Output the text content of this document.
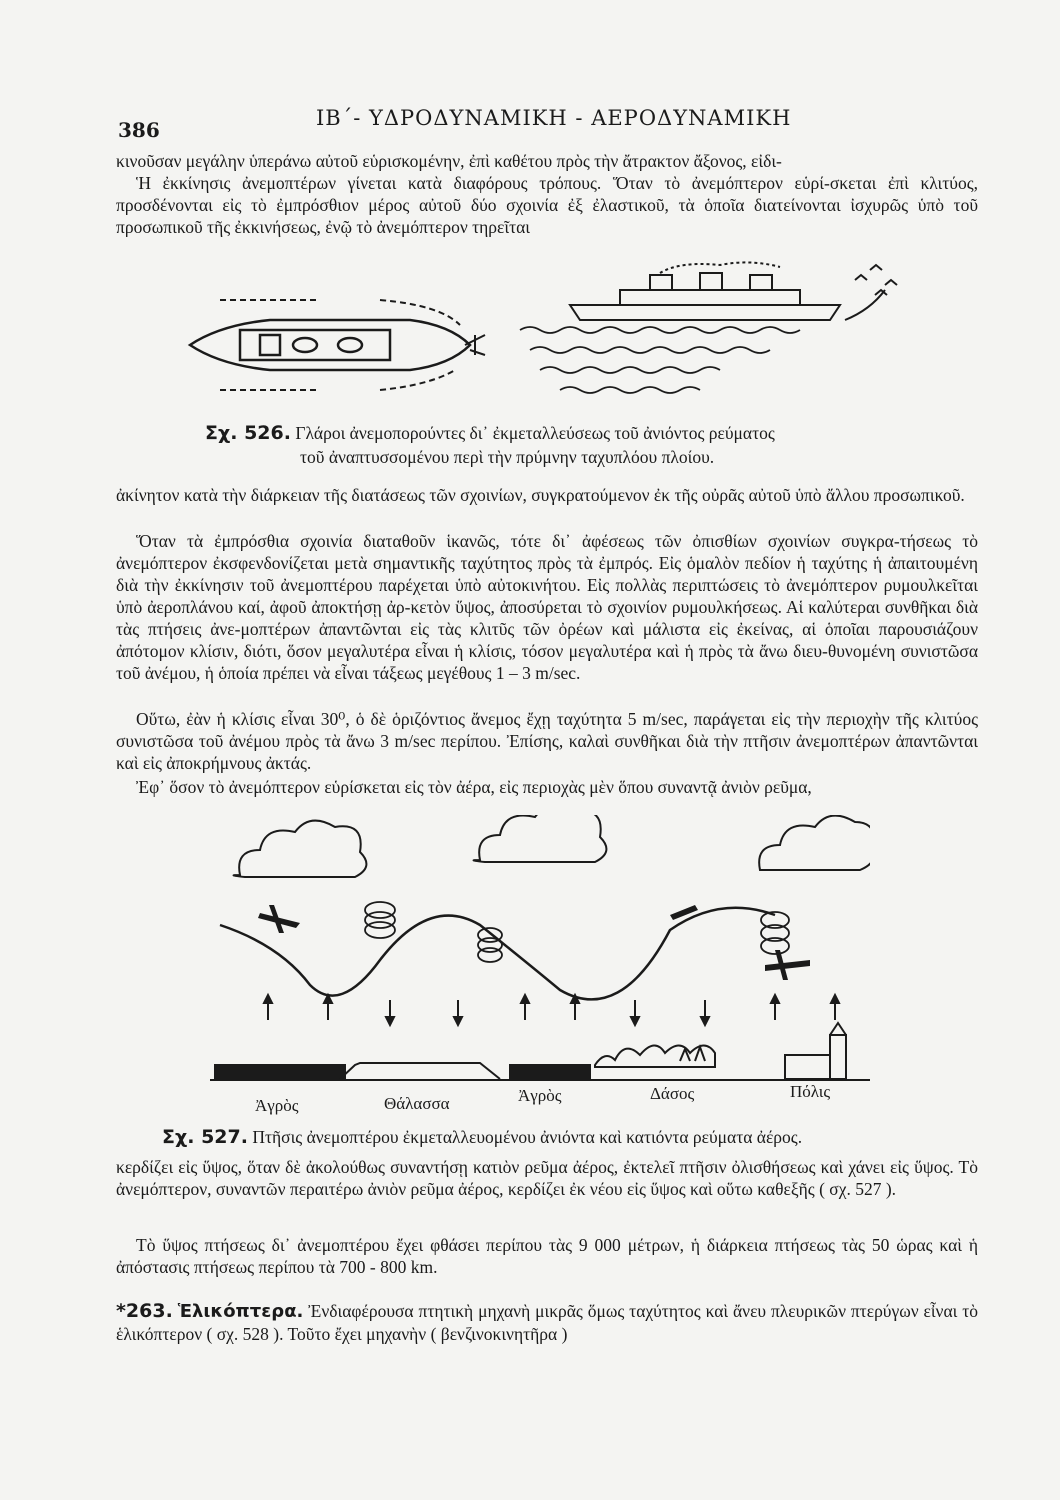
386	ΙΒ΄- ΥΔΡΟΔΥΝΑΜΙΚΗ - ΑΕΡΟΔΥΝΑΜΙΚΗ

κινοῦσαν μεγάλην ὑπεράνω αὐτοῦ εὑρισκομένην, ἐπὶ καθέτου πρὸς τὴν ἄτρακτον ἄξονος, εἰδι-

Ἡ ἐκκίνησις ἀνεμοπτέρων γίνεται κατὰ διαφόρους τρόπους. Ὅταν τὸ ἀνεμόπτερον εὑρί-σκεται ἐπὶ κλιτύος, προσδένονται εἰς τὸ ἐμπρόσθιον μέρος αὐτοῦ δύο σχοινία ἐξ ἐλαστικοῦ, τὰ ὁποῖα διατείνονται ἰσχυρῶς ὑπὸ τοῦ προσωπικοῦ τῆς ἐκκινήσεως, ἐνῷ τὸ ἀνεμόπτερον τηρεῖται

Σχ. 526. Γλάροι ἀνεμοπορούντες δι᾽ ἐκμεταλλεύσεως τοῦ ἀνιόντος ρεύματος
τοῦ ἀναπτυσσομένου περὶ τὴν πρύμνην ταχυπλόου πλοίου.

ἀκίνητον κατὰ τὴν διάρκειαν τῆς διατάσεως τῶν σχοινίων, συγκρατούμενον ἐκ τῆς οὐρᾶς αὐτοῦ ὑπὸ ἄλλου προσωπικοῦ.

Ὅταν τὰ ἐμπρόσθια σχοινία διαταθοῦν ἱκανῶς, τότε δι᾽ ἀφέσεως τῶν ὀπισθίων σχοινίων συγκρα-τήσεως τὸ ἀνεμόπτερον ἐκσφενδονίζεται μετὰ σημαντικῆς ταχύτητος πρὸς τὰ ἐμπρός. Εἰς ὁμαλὸν πεδίον ἡ ταχύτης ἡ ἀπαιτουμένη διὰ τὴν ἐκκίνησιν τοῦ ἀνεμοπτέρου παρέχεται ὑπὸ αὐτοκινήτου. Εἰς πολλὰς περιπτώσεις τὸ ἀνεμόπτερον ρυμουλκεῖται ὑπὸ ἀεροπλάνου καί, ἀφοῦ ἀποκτήσῃ ἀρ-κετὸν ὕψος, ἀποσύρεται τὸ σχοινίον ρυμουλκήσεως. Αἱ καλύτεραι συνθῆκαι διὰ τὰς πτήσεις ἀνε-μοπτέρων ἀπαντῶνται εἰς τὰς κλιτῦς τῶν ὀρέων καὶ μάλιστα εἰς ἐκείνας, αἱ ὁποῖαι παρουσιάζουν ἀπότομον κλίσιν, διότι, ὅσον μεγαλυτέρα εἶναι ἡ κλίσις, τόσον μεγαλυτέρα καὶ ἡ πρὸς τὰ ἄνω διευ-θυνομένη συνιστῶσα τοῦ ἀνέμου, ἡ ὁποία πρέπει νὰ εἶναι τάξεως μεγέθους 1 – 3 m/sec.

Οὕτω, ἐὰν ἡ κλίσις εἶναι 30⁰, ὁ δὲ ὁριζόντιος ἄνεμος ἔχῃ ταχύτητα 5 m/sec, παράγεται εἰς τὴν περιοχὴν τῆς κλιτύος συνιστῶσα τοῦ ἀνέμου πρὸς τὰ ἄνω 3 m/sec περίπου. Ἐπίσης, καλαὶ συνθῆκαι διὰ τὴν πτῆσιν ἀνεμοπτέρων ἀπαντῶνται καὶ εἰς ἀποκρήμνους ἀκτάς.

Ἐφ᾽ ὅσον τὸ ἀνεμόπτερον εὑρίσκεται εἰς τὸν ἀέρα, εἰς περιοχὰς μὲν ὅπου συναντᾷ ἀνιὸν ρεῦμα,

Ἀγρὸς	Θάλασσα	Ἀγρὸς	Δάσος	Πόλις
Σχ. 527. Πτῆσις ἀνεμοπτέρου ἐκμεταλλευομένου ἀνιόντα καὶ κατιόντα ρεύματα ἀέρος.

κερδίζει εἰς ὕψος, ὅταν δὲ ἀκολούθως συναντήσῃ κατιὸν ρεῦμα ἀέρος, ἐκτελεῖ πτῆσιν ὀλισθήσεως καὶ χάνει εἰς ὕψος. Τὸ ἀνεμόπτερον, συναντῶν περαιτέρω ἀνιὸν ρεῦμα ἀέρος, κερδίζει ἐκ νέου εἰς ὕψος καὶ οὕτω καθεξῆς ( σχ. 527 ).

Τὸ ὕψος πτήσεως δι᾽ ἀνεμοπτέρου ἔχει φθάσει περίπου τὰς 9 000 μέτρων, ἡ διάρκεια πτήσεως τὰς 50 ὡρας καὶ ἡ ἀπόστασις πτήσεως περίπου τὰ 700 - 800 km.

*263. Ἑλικόπτερα. Ἐνδιαφέρουσα πτητικὴ μηχανὴ μικρᾶς ὅμως ταχύτητος καὶ ἄνευ πλευρικῶν πτερύγων εἶναι τὸ ἑλικόπτερον ( σχ. 528 ). Τοῦτο ἔχει μηχανὴν ( βενζινοκινητῆρα )
